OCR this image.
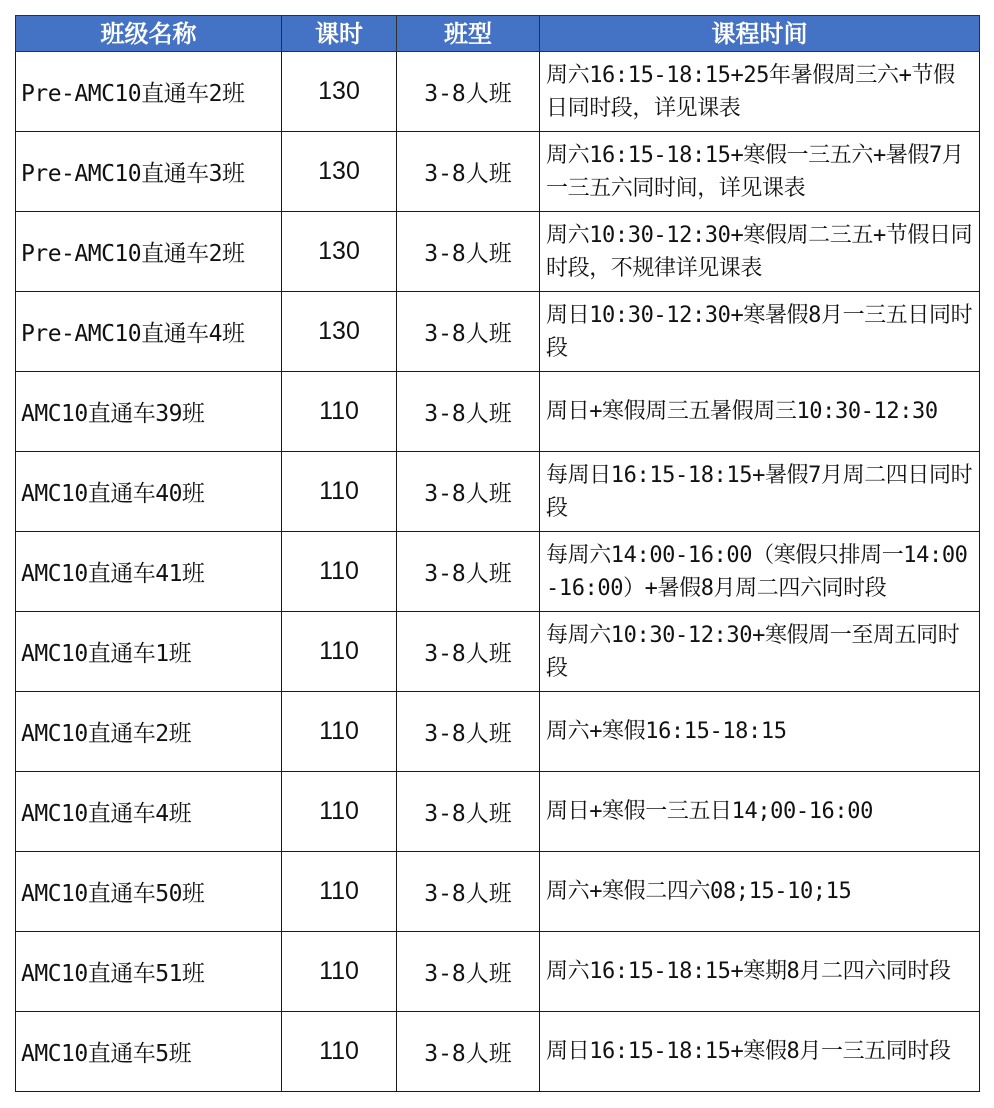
班级名称	课时	班型	课程时间
Pre-AMC10直通车2班	130	3-8人班	周六16:15-18:15+25年暑假周三六+节假日同时段，详见课表

Pre-AMC10直通车3班	130	3-8人班	周六16:15-18:15+寒假一三五六+暑假7月一三五六同时间，详见课表

Pre-AMC10直通车2班	130	3-8人班	周六10:30-12:30+寒假周二三五+节假日同时段，不规律详见课表

Pre-AMC10直通车4班	130	3-8人班	周日10:30-12:30+寒暑假8月一三五日同时段

AMC10直通车39班	110	3-8人班	周日+寒假周三五暑假周三10:30-12:30

AMC10直通车40班	110	3-8人班	每周日16:15-18:15+暑假7月周二四日同时段

AMC10直通车41班	110	3-8人班	每周六14:00-16:00（寒假只排周一14:00-16:00）+暑假8月周二四六同时段

AMC10直通车1班	110	3-8人班	每周六10:30-12:30+寒假周一至周五同时段

AMC10直通车2班	110	3-8人班	周六+寒假16:15-18:15

AMC10直通车4班	110	3-8人班	周日+寒假一三五日14;00-16:00

AMC10直通车50班	110	3-8人班	周六+寒假二四六08;15-10;15

AMC10直通车51班	110	3-8人班	周六16:15-18:15+寒期8月二四六同时段

AMC10直通车5班	110	3-8人班	周日16:15-18:15+寒假8月一三五同时段
